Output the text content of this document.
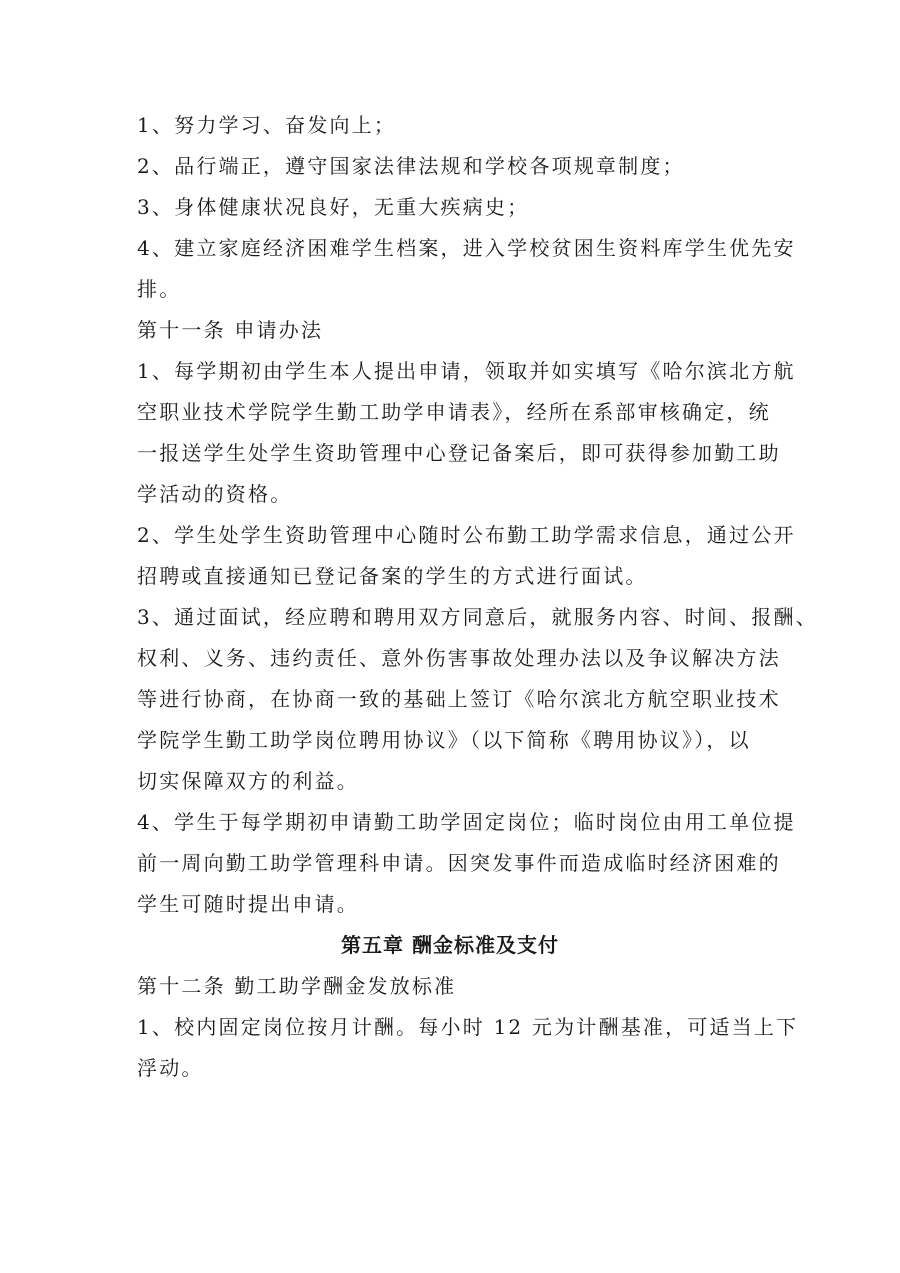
1、努力学习、奋发向上；

2、品行端正，遵守国家法律法规和学校各项规章制度；

3、身体健康状况良好，无重大疾病史；

4、建立家庭经济困难学生档案，进入学校贫困生资料库学生优先安

排。

第十一条 申请办法

1、每学期初由学生本人提出申请，领取并如实填写《哈尔滨北方航

空职业技术学院学生勤工助学申请表》，经所在系部审核确定，统

一报送学生处学生资助管理中心登记备案后，即可获得参加勤工助

学活动的资格。

2、学生处学生资助管理中心随时公布勤工助学需求信息，通过公开

招聘或直接通知已登记备案的学生的方式进行面试。

3、通过面试，经应聘和聘用双方同意后，就服务内容、时间、报酬、

权利、义务、违约责任、意外伤害事故处理办法以及争议解决方法

等进行协商，在协商一致的基础上签订《哈尔滨北方航空职业技术

学院学生勤工助学岗位聘用协议》（以下简称《聘用协议》），以

切实保障双方的利益。

4、学生于每学期初申请勤工助学固定岗位；临时岗位由用工单位提

前一周向勤工助学管理科申请。因突发事件而造成临时经济困难的

学生可随时提出申请。

第五章 酬金标准及支付

第十二条 勤工助学酬金发放标准

1、校内固定岗位按月计酬。每小时 12 元为计酬基准，可适当上下

浮动。
